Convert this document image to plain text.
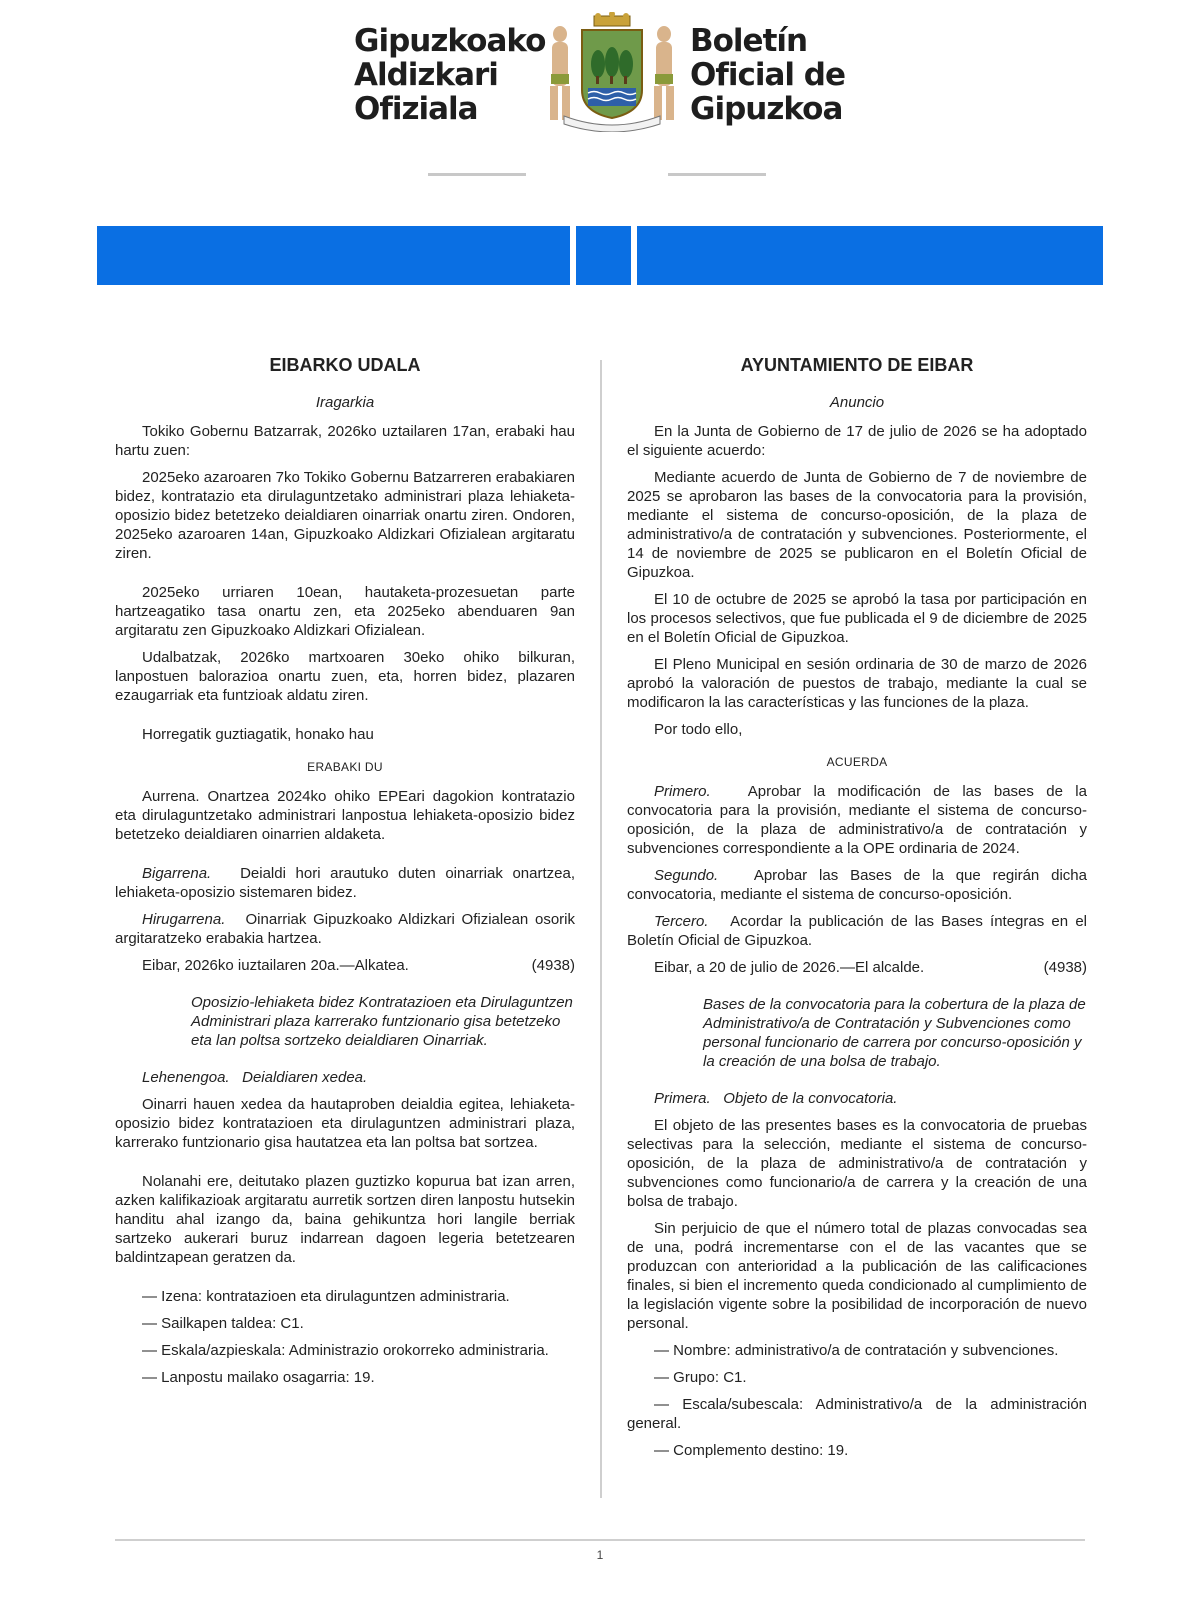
Gipuzkoako
Aldizkari
Ofiziala
Boletín
Oficial de
Gipuzkoa
EIBARKO UDALA
Iragarkia

Tokiko Gobernu Batzarrak, 2026ko uztailaren 17an, erabaki hau hartu zuen:

2025eko azaroaren 7ko Tokiko Gobernu Batzarreren erabakiaren bidez, kontratazio eta dirulaguntzetako administrari plaza lehiaketa-oposizio bidez betetzeko deialdiaren oinarriak onartu ziren. Ondoren, 2025eko azaroaren 14an, Gipuzkoako Aldizkari Ofizialean argitaratu ziren.

2025eko urriaren 10ean, hautaketa-prozesuetan parte hartzeagatiko tasa onartu zen, eta 2025eko abenduaren 9an argitaratu zen Gipuzkoako Aldizkari Ofizialean.

Udalbatzak, 2026ko martxoaren 30eko ohiko bilkuran, lanpostuen balorazioa onartu zuen, eta, horren bidez, plazaren ezaugarriak eta funtzioak aldatu ziren.

Horregatik guztiagatik, honako hau

ERABAKI DU

Aurrena. Onartzea 2024ko ohiko EPEari dagokion kontratazio eta dirulaguntzetako administrari lanpostua lehiaketa-oposizio bidez betetzeko deialdiaren oinarrien aldaketa.

Bigarrena. Deialdi hori arautuko duten oinarriak onartzea, lehiaketa-oposizio sistemaren bidez.

Hirugarrena. Oinarriak Gipuzkoako Aldizkari Ofizialean osorik argitaratzeko erabakia hartzea.

Eibar, 2026ko iuztailaren 20a.—Alkatea.	(4938)
Oposizio-lehiaketa bidez Kontratazioen eta Dirulaguntzen Administrari plaza karrerako funtzionario gisa betetzeko eta lan poltsa sortzeko deialdiaren Oinarriak.

Lehenengoa. Deialdiaren xedea.

Oinarri hauen xedea da hautaproben deialdia egitea, lehiaketa-oposizio bidez kontratazioen eta dirulaguntzen administrari plaza, karrerako funtzionario gisa hautatzea eta lan poltsa bat sortzea.

Nolanahi ere, deitutako plazen guztizko kopurua bat izan arren, azken kalifikazioak argitaratu aurretik sortzen diren lanpostu hutsekin handitu ahal izango da, baina gehikuntza hori langile berriak sartzeko aukerari buruz indarrean dagoen legeria betetzearen baldintzapean geratzen da.

— Izena: kontratazioen eta dirulaguntzen administraria.

— Sailkapen taldea: C1.

— Eskala/azpieskala: Administrazio orokorreko administraria.

— Lanpostu mailako osagarria: 19.

AYUNTAMIENTO DE EIBAR
Anuncio

En la Junta de Gobierno de 17 de julio de 2026 se ha adoptado el siguiente acuerdo:

Mediante acuerdo de Junta de Gobierno de 7 de noviembre de 2025 se aprobaron las bases de la convocatoria para la provisión, mediante el sistema de concurso-oposición, de la plaza de administrativo/a de contratación y subvenciones. Posteriormente, el 14 de noviembre de 2025 se publicaron en el Boletín Oficial de Gipuzkoa.

El 10 de octubre de 2025 se aprobó la tasa por participación en los procesos selectivos, que fue publicada el 9 de diciembre de 2025 en el Boletín Oficial de Gipuzkoa.

El Pleno Municipal en sesión ordinaria de 30 de marzo de 2026 aprobó la valoración de puestos de trabajo, mediante la cual se modificaron la las características y las funciones de la plaza.

Por todo ello,

ACUERDA

Primero. Aprobar la modificación de las bases de la convocatoria para la provisión, mediante el sistema de concurso-oposición, de la plaza de administrativo/a de contratación y subvenciones correspondiente a la OPE ordinaria de 2024.

Segundo. Aprobar las Bases de la que regirán dicha convocatoria, mediante el sistema de concurso-oposición.

Tercero. Acordar la publicación de las Bases íntegras en el Boletín Oficial de Gipuzkoa.

Eibar, a 20 de julio de 2026.—El alcalde.	(4938)
Bases de la convocatoria para la cobertura de la plaza de Administrativo/a de Contratación y Subvenciones como personal funcionario de carrera por concurso-oposición y la creación de una bolsa de trabajo.

Primera. Objeto de la convocatoria.

El objeto de las presentes bases es la convocatoria de pruebas selectivas para la selección, mediante el sistema de concurso-oposición, de la plaza de administrativo/a de contratación y subvenciones como funcionario/a de carrera y la creación de una bolsa de trabajo.

Sin perjuicio de que el número total de plazas convocadas sea de una, podrá incrementarse con el de las vacantes que se produzcan con anterioridad a la publicación de las calificaciones finales, si bien el incremento queda condicionado al cumplimiento de la legislación vigente sobre la posibilidad de incorporación de nuevo personal.

— Nombre: administrativo/a de contratación y subvenciones.

— Grupo: C1.

— Escala/subescala: Administrativo/a de la administración general.

— Complemento destino: 19.

1
